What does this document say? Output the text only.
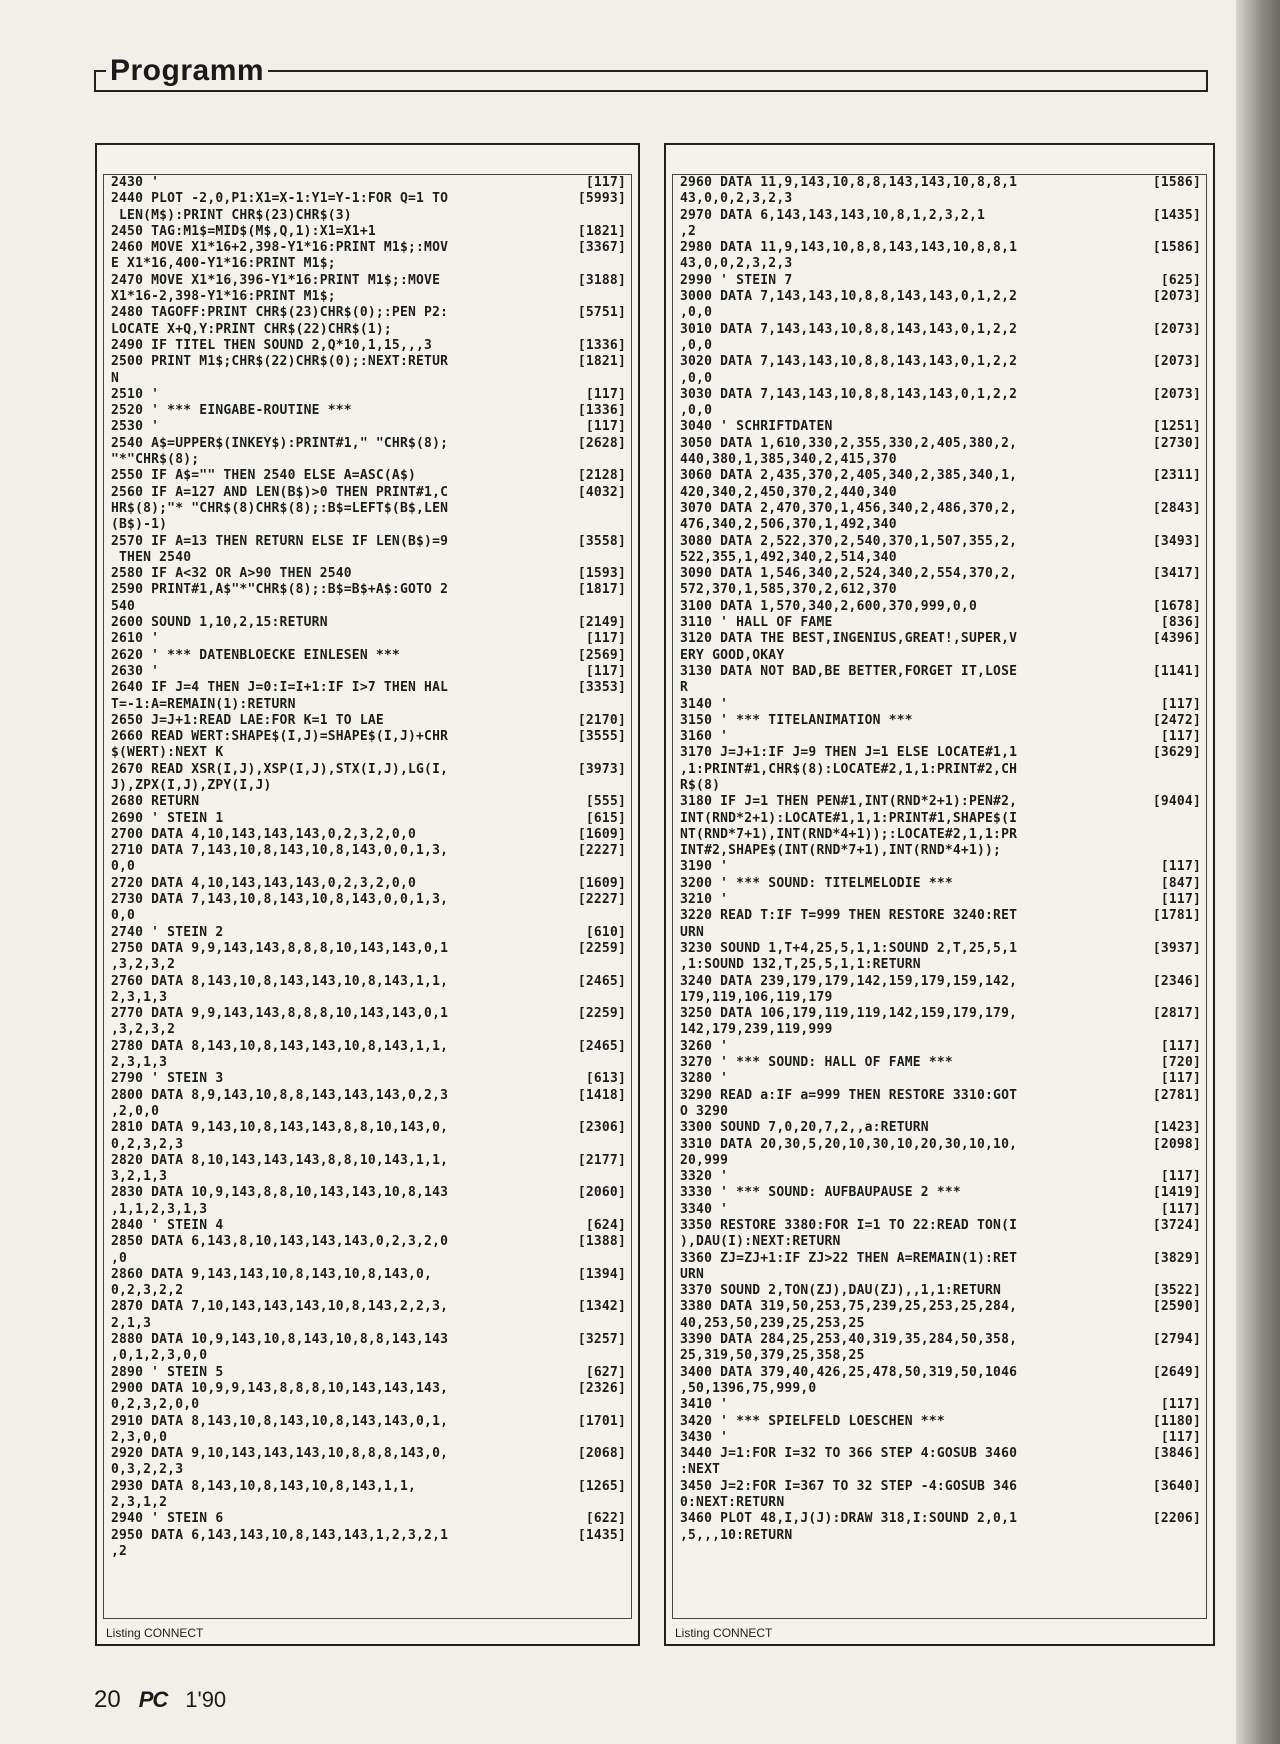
Programm
2430 '	[117]
2440 PLOT -2,0,P1:X1=X-1:Y1=Y-1:FOR Q=1 TO	[5993]
LEN(M$):PRINT CHR$(23)CHR$(3)
2450 TAG:M1$=MID$(M$,Q,1):X1=X1+1	[1821]
2460 MOVE X1*16+2,398-Y1*16:PRINT M1$;:MOV	[3367]
E X1*16,400-Y1*16:PRINT M1$;
2470 MOVE X1*16,396-Y1*16:PRINT M1$;:MOVE	[3188]
X1*16-2,398-Y1*16:PRINT M1$;
2480 TAGOFF:PRINT CHR$(23)CHR$(0);:PEN P2:	[5751]
LOCATE X+Q,Y:PRINT CHR$(22)CHR$(1);
2490 IF TITEL THEN SOUND 2,Q*10,1,15,,,3	[1336]
2500 PRINT M1$;CHR$(22)CHR$(0);:NEXT:RETUR	[1821]
N
2510 '	[117]
2520 ' *** EINGABE-ROUTINE ***	[1336]
2530 '	[117]
2540 A$=UPPER$(INKEY$):PRINT#1," "CHR$(8);	[2628]
"*"CHR$(8);
2550 IF A$="" THEN 2540 ELSE A=ASC(A$)	[2128]
2560 IF A=127 AND LEN(B$)>0 THEN PRINT#1,C	[4032]
HR$(8);"* "CHR$(8)CHR$(8);:B$=LEFT$(B$,LEN
(B$)-1)
2570 IF A=13 THEN RETURN ELSE IF LEN(B$)=9	[3558]
THEN 2540
2580 IF A<32 OR A>90 THEN 2540	[1593]
2590 PRINT#1,A$"*"CHR$(8);:B$=B$+A$:GOTO 2	[1817]
540
2600 SOUND 1,10,2,15:RETURN	[2149]
2610 '	[117]
2620 ' *** DATENBLOECKE EINLESEN ***	[2569]
2630 '	[117]
2640 IF J=4 THEN J=0:I=I+1:IF I>7 THEN HAL	[3353]
T=-1:A=REMAIN(1):RETURN
2650 J=J+1:READ LAE:FOR K=1 TO LAE	[2170]
2660 READ WERT:SHAPE$(I,J)=SHAPE$(I,J)+CHR	[3555]
$(WERT):NEXT K
2670 READ XSR(I,J),XSP(I,J),STX(I,J),LG(I,	[3973]
J),ZPX(I,J),ZPY(I,J)
2680 RETURN	[555]
2690 ' STEIN 1	[615]
2700 DATA 4,10,143,143,143,0,2,3,2,0,0	[1609]
2710 DATA 7,143,10,8,143,10,8,143,0,0,1,3,	[2227]
0,0
2720 DATA 4,10,143,143,143,0,2,3,2,0,0	[1609]
2730 DATA 7,143,10,8,143,10,8,143,0,0,1,3,	[2227]
0,0
2740 ' STEIN 2	[610]
2750 DATA 9,9,143,143,8,8,8,10,143,143,0,1	[2259]
,3,2,3,2
2760 DATA 8,143,10,8,143,143,10,8,143,1,1,	[2465]
2,3,1,3
2770 DATA 9,9,143,143,8,8,8,10,143,143,0,1	[2259]
,3,2,3,2
2780 DATA 8,143,10,8,143,143,10,8,143,1,1,	[2465]
2,3,1,3
2790 ' STEIN 3	[613]
2800 DATA 8,9,143,10,8,8,143,143,143,0,2,3	[1418]
,2,0,0
2810 DATA 9,143,10,8,143,143,8,8,10,143,0,	[2306]
0,2,3,2,3
2820 DATA 8,10,143,143,143,8,8,10,143,1,1,	[2177]
3,2,1,3
2830 DATA 10,9,143,8,8,10,143,143,10,8,143	[2060]
,1,1,2,3,1,3
2840 ' STEIN 4	[624]
2850 DATA 6,143,8,10,143,143,143,0,2,3,2,0	[1388]
,0
2860 DATA 9,143,143,10,8,143,10,8,143,0,	[1394]
0,2,3,2,2
2870 DATA 7,10,143,143,143,10,8,143,2,2,3,	[1342]
2,1,3
2880 DATA 10,9,143,10,8,143,10,8,8,143,143	[3257]
,0,1,2,3,0,0
2890 ' STEIN 5	[627]
2900 DATA 10,9,9,143,8,8,8,10,143,143,143,	[2326]
0,2,3,2,0,0
2910 DATA 8,143,10,8,143,10,8,143,143,0,1,	[1701]
2,3,0,0
2920 DATA 9,10,143,143,143,10,8,8,8,143,0,	[2068]
0,3,2,2,3
2930 DATA 8,143,10,8,143,10,8,143,1,1,	[1265]
2,3,1,2
2940 ' STEIN 6	[622]
2950 DATA 6,143,143,10,8,143,143,1,2,3,2,1	[1435]
,2
Listing CONNECT
2960 DATA 11,9,143,10,8,8,143,143,10,8,8,1	[1586]
43,0,0,2,3,2,3
2970 DATA 6,143,143,143,10,8,1,2,3,2,1	[1435]
,2
2980 DATA 11,9,143,10,8,8,143,143,10,8,8,1	[1586]
43,0,0,2,3,2,3
2990 ' STEIN 7	[625]
3000 DATA 7,143,143,10,8,8,143,143,0,1,2,2	[2073]
,0,0
3010 DATA 7,143,143,10,8,8,143,143,0,1,2,2	[2073]
,0,0
3020 DATA 7,143,143,10,8,8,143,143,0,1,2,2	[2073]
,0,0
3030 DATA 7,143,143,10,8,8,143,143,0,1,2,2	[2073]
,0,0
3040 ' SCHRIFTDATEN	[1251]
3050 DATA 1,610,330,2,355,330,2,405,380,2,	[2730]
440,380,1,385,340,2,415,370
3060 DATA 2,435,370,2,405,340,2,385,340,1,	[2311]
420,340,2,450,370,2,440,340
3070 DATA 2,470,370,1,456,340,2,486,370,2,	[2843]
476,340,2,506,370,1,492,340
3080 DATA 2,522,370,2,540,370,1,507,355,2,	[3493]
522,355,1,492,340,2,514,340
3090 DATA 1,546,340,2,524,340,2,554,370,2,	[3417]
572,370,1,585,370,2,612,370
3100 DATA 1,570,340,2,600,370,999,0,0	[1678]
3110 ' HALL OF FAME	[836]
3120 DATA THE BEST,INGENIUS,GREAT!,SUPER,V	[4396]
ERY GOOD,OKAY
3130 DATA NOT BAD,BE BETTER,FORGET IT,LOSE	[1141]
R
3140 '	[117]
3150 ' *** TITELANIMATION ***	[2472]
3160 '	[117]
3170 J=J+1:IF J=9 THEN J=1 ELSE LOCATE#1,1	[3629]
,1:PRINT#1,CHR$(8):LOCATE#2,1,1:PRINT#2,CH
R$(8)
3180 IF J=1 THEN PEN#1,INT(RND*2+1):PEN#2,	[9404]
INT(RND*2+1):LOCATE#1,1,1:PRINT#1,SHAPE$(I
NT(RND*7+1),INT(RND*4+1));:LOCATE#2,1,1:PR
INT#2,SHAPE$(INT(RND*7+1),INT(RND*4+1));
3190 '	[117]
3200 ' *** SOUND: TITELMELODIE ***	[847]
3210 '	[117]
3220 READ T:IF T=999 THEN RESTORE 3240:RET	[1781]
URN
3230 SOUND 1,T+4,25,5,1,1:SOUND 2,T,25,5,1	[3937]
,1:SOUND 132,T,25,5,1,1:RETURN
3240 DATA 239,179,179,142,159,179,159,142,	[2346]
179,119,106,119,179
3250 DATA 106,179,119,119,142,159,179,179,	[2817]
142,179,239,119,999
3260 '	[117]
3270 ' *** SOUND: HALL OF FAME ***	[720]
3280 '	[117]
3290 READ a:IF a=999 THEN RESTORE 3310:GOT	[2781]
O 3290
3300 SOUND 7,0,20,7,2,,a:RETURN	[1423]
3310 DATA 20,30,5,20,10,30,10,20,30,10,10,	[2098]
20,999
3320 '	[117]
3330 ' *** SOUND: AUFBAUPAUSE 2 ***	[1419]
3340 '	[117]
3350 RESTORE 3380:FOR I=1 TO 22:READ TON(I	[3724]
),DAU(I):NEXT:RETURN
3360 ZJ=ZJ+1:IF ZJ>22 THEN A=REMAIN(1):RET	[3829]
URN
3370 SOUND 2,TON(ZJ),DAU(ZJ),,1,1:RETURN	[3522]
3380 DATA 319,50,253,75,239,25,253,25,284,	[2590]
40,253,50,239,25,253,25
3390 DATA 284,25,253,40,319,35,284,50,358,	[2794]
25,319,50,379,25,358,25
3400 DATA 379,40,426,25,478,50,319,50,1046	[2649]
,50,1396,75,999,0
3410 '	[117]
3420 ' *** SPIELFELD LOESCHEN ***	[1180]
3430 '	[117]
3440 J=1:FOR I=32 TO 366 STEP 4:GOSUB 3460	[3846]
:NEXT
3450 J=2:FOR I=367 TO 32 STEP -4:GOSUB 346	[3640]
0:NEXT:RETURN
3460 PLOT 48,I,J(J):DRAW 318,I:SOUND 2,0,1	[2206]
,5,,,10:RETURN
Listing CONNECT
20 PC 1'90
